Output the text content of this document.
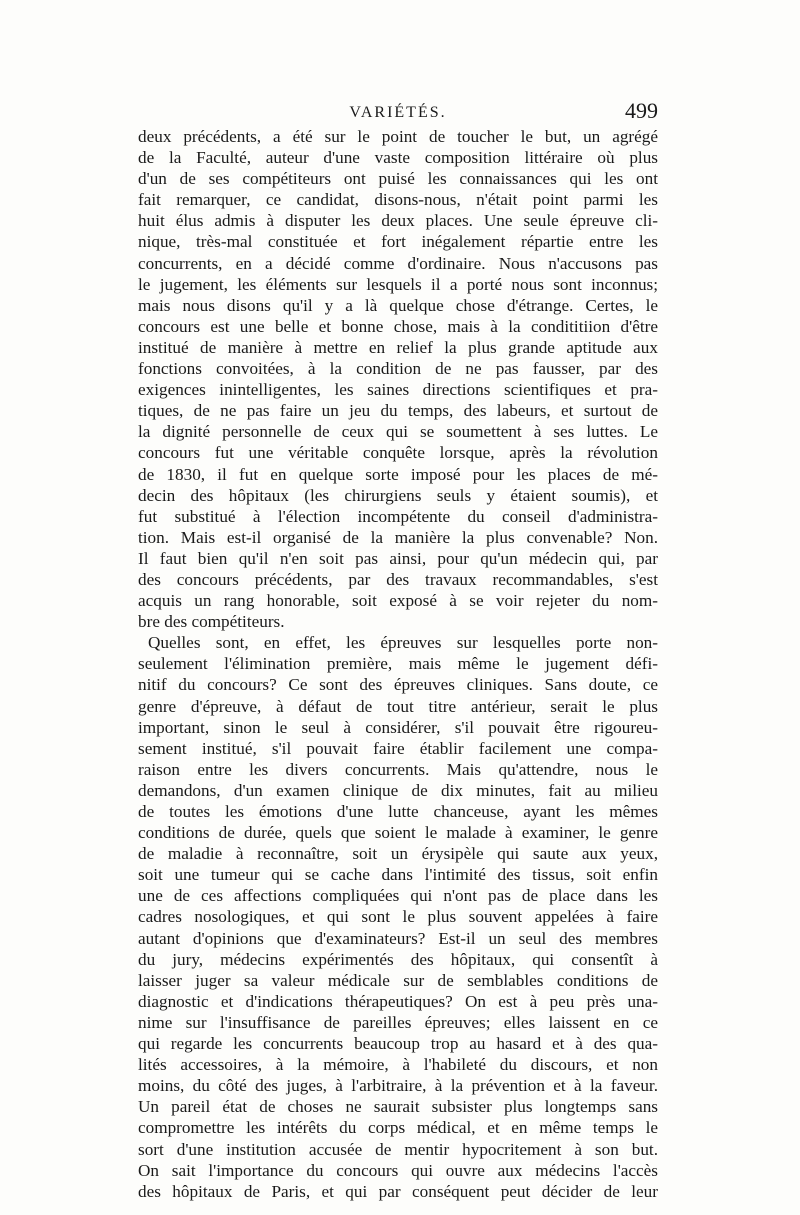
VARIÉTÉS.	499
deux précédents, a été sur le point de toucher le but, un agrégé
de la Faculté, auteur d'une vaste composition littéraire où plus
d'un de ses compétiteurs ont puisé les connaissances qui les ont
fait remarquer, ce candidat, disons-nous, n'était point parmi les
huit élus admis à disputer les deux places. Une seule épreuve cli-
nique, très-mal constituée et fort inégalement répartie entre les
concurrents, en a décidé comme d'ordinaire. Nous n'accusons pas
le jugement, les éléments sur lesquels il a porté nous sont inconnus;
mais nous disons qu'il y a là quelque chose d'étrange. Certes, le
concours est une belle et bonne chose, mais à la condititiion d'être
institué de manière à mettre en relief la plus grande aptitude aux
fonctions convoitées, à la condition de ne pas fausser, par des
exigences inintelligentes, les saines directions scientifiques et pra-
tiques, de ne pas faire un jeu du temps, des labeurs, et surtout de
la dignité personnelle de ceux qui se soumettent à ses luttes. Le
concours fut une véritable conquête lorsque, après la révolution
de 1830, il fut en quelque sorte imposé pour les places de mé-
decin des hôpitaux (les chirurgiens seuls y étaient soumis), et
fut substitué à l'élection incompétente du conseil d'administra-
tion. Mais est-il organisé de la manière la plus convenable? Non.
Il faut bien qu'il n'en soit pas ainsi, pour qu'un médecin qui, par
des concours précédents, par des travaux recommandables, s'est
acquis un rang honorable, soit exposé à se voir rejeter du nom-
bre des compétiteurs.
Quelles sont, en effet, les épreuves sur lesquelles porte non-
seulement l'élimination première, mais même le jugement défi-
nitif du concours? Ce sont des épreuves cliniques. Sans doute, ce
genre d'épreuve, à défaut de tout titre antérieur, serait le plus
important, sinon le seul à considérer, s'il pouvait être rigoureu-
sement institué, s'il pouvait faire établir facilement une compa-
raison entre les divers concurrents. Mais qu'attendre, nous le
demandons, d'un examen clinique de dix minutes, fait au milieu
de toutes les émotions d'une lutte chanceuse, ayant les mêmes
conditions de durée, quels que soient le malade à examiner, le genre
de maladie à reconnaître, soit un érysipèle qui saute aux yeux,
soit une tumeur qui se cache dans l'intimité des tissus, soit enfin
une de ces affections compliquées qui n'ont pas de place dans les
cadres nosologiques, et qui sont le plus souvent appelées à faire
autant d'opinions que d'examinateurs? Est-il un seul des membres
du jury, médecins expérimentés des hôpitaux, qui consentît à
laisser juger sa valeur médicale sur de semblables conditions de
diagnostic et d'indications thérapeutiques? On est à peu près una-
nime sur l'insuffisance de pareilles épreuves; elles laissent en ce
qui regarde les concurrents beaucoup trop au hasard et à des qua-
lités accessoires, à la mémoire, à l'habileté du discours, et non
moins, du côté des juges, à l'arbitraire, à la prévention et à la faveur.
Un pareil état de choses ne saurait subsister plus longtemps sans
compromettre les intérêts du corps médical, et en même temps le
sort d'une institution accusée de mentir hypocritement à son but.
On sait l'importance du concours qui ouvre aux médecins l'accès
des hôpitaux de Paris, et qui par conséquent peut décider de leur
